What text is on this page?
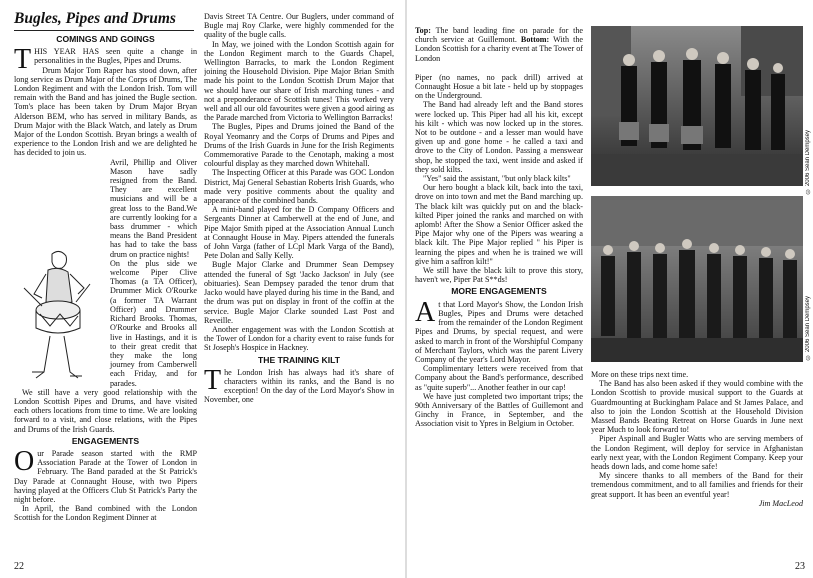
Bugles, Pipes and Drums
COMINGS AND GOINGS

THIS YEAR HAS seen quite a change in personalities in the Bugles, Pipes and Drums.

Drum Major Tom Raper has stood down, after long service as Drum Major of the Corps of Drums, The London Regiment and with the London Irish. Tom will remain with the Band and has joined the Bugle section. Tom's place has been taken by Drum Major Bryan Alderson BEM, who has served in military Bands, as Drum Major with the Black Watch, and lately as Drum Major of the London Scottish. Bryan brings a wealth of experience to the London Irish and we are delighted he has decided to join us.

Avril, Phillip and Oliver Mason have sadly resigned from the Band. They are excellent musicians and will be a great loss to the Band.We are currently looking for a bass drummer - which means the Band President has had to take the bass drum on practice nights!

On the plus side we welcome Piper Clive Thomas (a TA Officer), Drummer Mick O'Rourke (a former TA Warrant Officer) and Drummer Richard Brooks. Thomas, O'Rourke and Brooks all live in Hastings, and it is to their great credit that they make the long journey from Camberwell each Friday, and for parades.

We still have a very good relationship with the London Scottish Pipes and Drums, and have visited each others locations from time to time. We are looking forward to a visit, and close relations, with the Pipes and Drums of the Irish Guards.

ENGAGEMENTS

Our Parade season started with the RMP Association Parade at the Tower of London in February. The Band paraded at the St Patrick's Day Parade at Connaught House, with two Pipers having played at the Officers Club St Patrick's Party the night before.

In April, the Band combined with the London Scottish for the London Regiment Dinner at

Davis Street TA Centre. Our Buglers, under command of Bugle maj Roy Clarke, were highly commended for the quality of the bugle calls.

In May, we joined with the London Scottish again for the London Regiment march to the Guards Chapel, Wellington Barracks, to mark the London Regiment joining the Household Division. Pipe Major Brian Smith made his point to the London Scottish Drum Major that we should have our share of Irish marching tunes - and not a preponderance of Scottish tunes! This worked very well and all our old favourites were given a good airing as the Parade marched from Victoria to Wellington Barracks!

The Bugles, Pipes and Drums joined the Band of the Royal Yeomanry and the Corps of Drums and Pipes and Drums of the Irish Guards in June for the Irish Regiments Commemorative Parade to the Cenotaph, making a most colourful display as they marched down Whitehall.

The Inspecting Officer at this Parade was GOC London District, Maj General Sebastian Roberts Irish Guards, who made very positive comments about the quality and appearance of the combined bands.

A mini-band played for the D Company Officers and Sergeants Dinner at Camberwell at the end of June, and Pipe Major Smith piped at the Association Annual Lunch at Connaught House in May. Pipers attended the funerals of John Varga (father of LCpl Mark Varga of the Band), Pete Dolan and Sally Kelly.

Bugle Major Clarke and Drummer Sean Dempsey attended the funeral of Sgt 'Jacko Jackson' in July (see obituaries). Sean Dempsey paraded the tenor drum that Jacko would have played during his time in the Band, and the drum was put on display in front of the coffin at the service. Bugle Major Clarke sounded Last Post and Reveille.

Another engagement was with the London Scottish at the Tower of London for a charity event to raise funds for St Joseph's Hospice in Hackney.

THE TRAINING KILT

The London Irish has always had it's share of characters within its ranks, and the Band is no exception! On the day of the Lord Mayor's Show in November, one

22
Top: The band leading fine on parade for the church service at Guillemont. Bottom: With the London Scottish for a charity event at The Tower of London

Piper (no names, no pack drill) arrived at Connaught Hosue a bit late - held up by stoppages on the Underground.

The Band had already left and the Band stores were locked up. This Piper had all his kit, except his kilt - which was now locked up in the stores. Not to be outdone - and a lesser man would have given up and gone home - he called a taxi and drove to the City of London. Passing a menswear shop, he stopped the taxi, went inside and asked if they sold kilts.

"Yes" said the assistant, "but only black kilts"

Our hero bought a black kilt, back into the taxi, drove on into town and met the Band marching up. The black kilt was quickly put on and the black-kilted Piper joined the ranks and marched on with aplomb! After the Show a Senior Officer asked the Pipe Major why one of the Pipers was wearing a black kilt. The Pipe Major replied " his Piper is learning the pipes and when he is trained we will give him a saffron kilt!"

We still have the black kilt to prove this story, haven't we, Piper Pat S**ds!

MORE ENGAGEMENTS

At that Lord Mayor's Show, the London Irish Bugles, Pipes and Drums were detached from the remainder of the London Regiment Pipes and Drums, by special request, and were asked to march in front of the Worshipful Company of Merchant Taylors, which was the parent Livery Company of the year's Lord Mayor.

Complimentary letters were received from that Company about the Band's performance, described as "quite superb"... Another feather in our cap!

We have just completed two important trips; the 90th Anniversary of the Battles of Guillemont and Ginchy in France, in September, and the Association visit to Ypres in Belgium in October.

© 2006 Sean Dempsey
© 2006 Sean Dempsey

More on these trips next time.

The Band has also been asked if they would combine with the London Scottish to provide musical support to the Guards at Guardmounting at Buckingham Palace and St James Palace, and also to join the London Scottish at the Household Division Massed Bands Beating Retreat on Horse Guards in June next year Much to look forward to!

Piper Aspinall and Bugler Watts who are serving members of the London Regiment, will deploy for service in Afghanistan early next year, with the London Regiment Company. Keep your heads down lads, and come home safe!

My sincere thanks to all members of the Band for their tremendous commitment, and to all families and friends for their great support. It has been an eventful year!

Jim MacLeod
23
